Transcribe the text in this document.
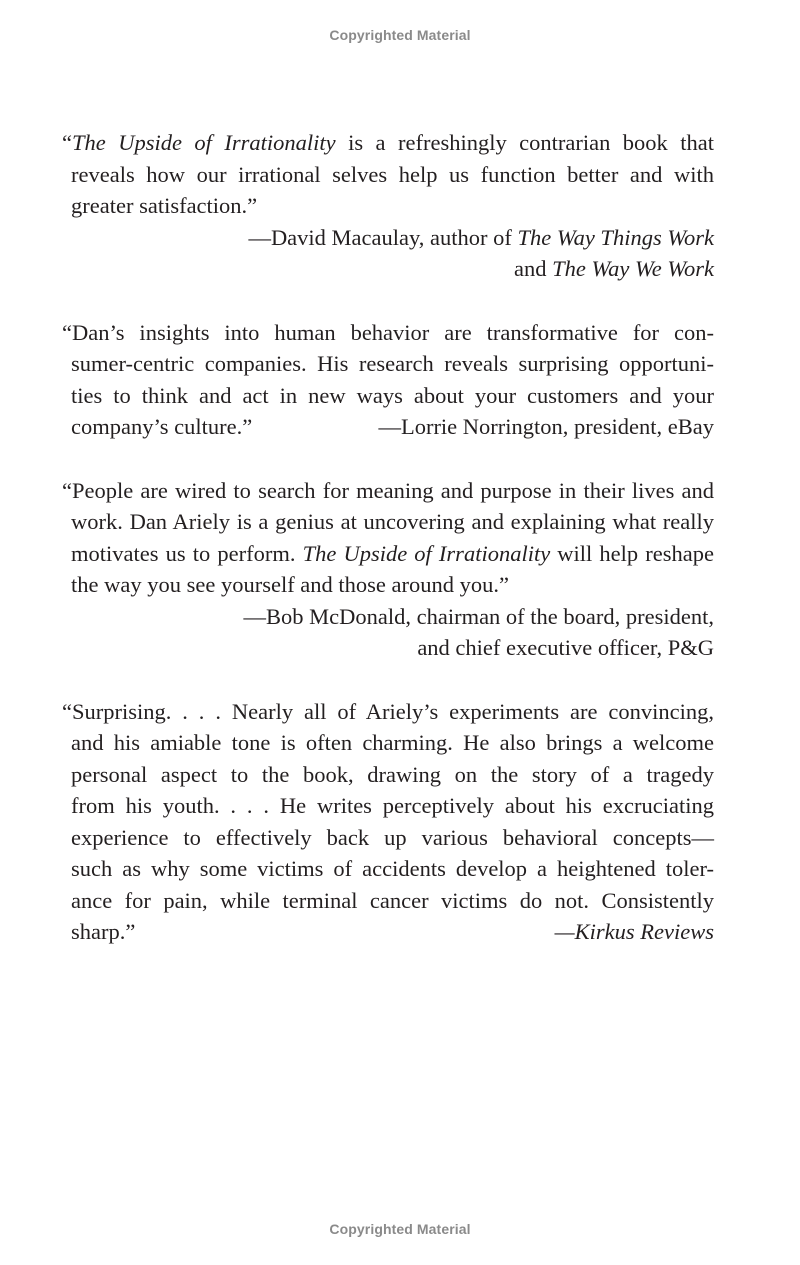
Copyrighted Material
“The Upside of Irrationality is a refreshingly contrarian book that
reveals how our irrational selves help us function better and with
greater satisfaction.”
—David Macaulay, author of The Way Things Work
and The Way We Work
“Dan’s insights into human behavior are transformative for con-
sumer-centric companies. His research reveals surprising opportuni-
ties to think and act in new ways about your customers and your
company’s culture.”	—Lorrie Norrington, president, eBay
“People are wired to search for meaning and purpose in their lives and
work. Dan Ariely is a genius at uncovering and explaining what really
motivates us to perform. The Upside of Irrationality will help reshape
the way you see yourself and those around you.”
—Bob McDonald, chairman of the board, president,
and chief executive officer, P&G
“Surprising. . . . Nearly all of Ariely’s experiments are convincing,
and his amiable tone is often charming. He also brings a welcome
personal aspect to the book, drawing on the story of a tragedy
from his youth. . . . He writes perceptively about his excruciating
experience to effectively back up various behavioral concepts—
such as why some victims of accidents develop a heightened toler-
ance for pain, while terminal cancer victims do not. Consistently
sharp.”	—Kirkus Reviews
Copyrighted Material
